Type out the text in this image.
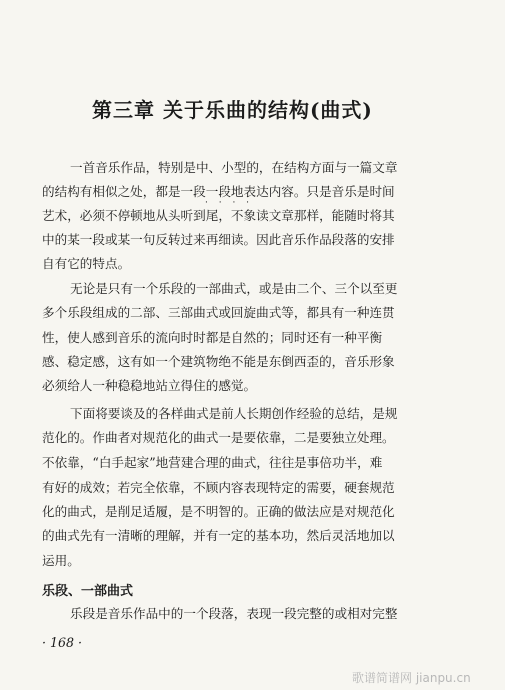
第三章 关于乐曲的结构(曲式)
一首音乐作品，特别是中、小型的，在结构方面与一篇文章
的结构有相似之处，都是一段一段地表达内容。只是音乐是时间
· · · ·
艺术，必须不停顿地从头听到尾，不象读文章那样，能随时将其
中的某一段或某一句反转过来再细读。因此音乐作品段落的安排
自有它的特点。
无论是只有一个乐段的一部曲式，或是由二个、三个以至更
多个乐段组成的二部、三部曲式或回旋曲式等，都具有一种连贯
性，使人感到音乐的流向时时都是自然的；同时还有一种平衡
感、稳定感，这有如一个建筑物绝不能是东倒西歪的，音乐形象
必须给人一种稳稳地站立得住的感觉。
下面将要谈及的各样曲式是前人长期创作经验的总结，是规
范化的。作曲者对规范化的曲式一是要依靠，二是要独立处理。
不依靠，“白手起家”地营建合理的曲式，往往是事倍功半，难
有好的成效；若完全依靠，不顾内容表现特定的需要，硬套规范
化的曲式，是削足适履，是不明智的。正确的做法应是对规范化
的曲式先有一清晰的理解，并有一定的基本功，然后灵活地加以
运用。
乐段、一部曲式
乐段是音乐作品中的一个段落，表现一段完整的或相对完整
· 168 ·
歌谱简谱网 jianpu.cn
